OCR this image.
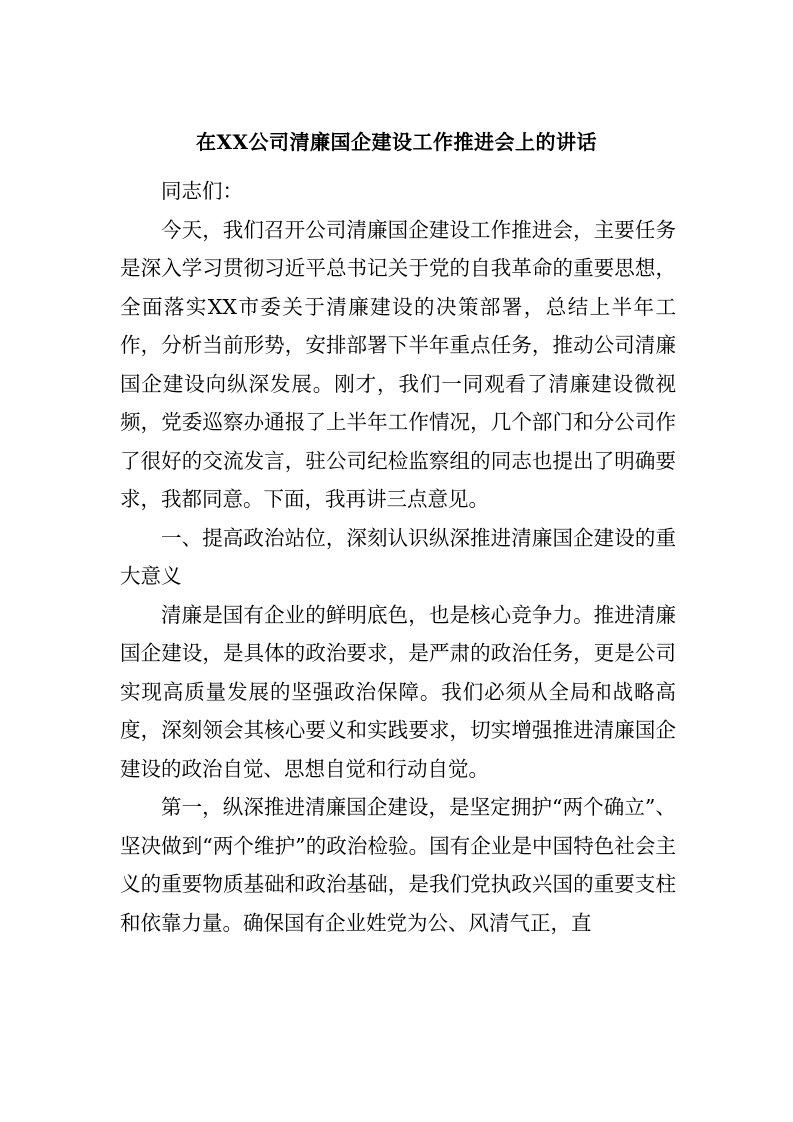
在XX公司清廉国企建设工作推进会上的讲话

同志们：

今天，我们召开公司清廉国企建设工作推进会，主要任务是深入学习贯彻习近平总书记关于党的自我革命的重要思想，全面落实XX市委关于清廉建设的决策部署，总结上半年工作，分析当前形势，安排部署下半年重点任务，推动公司清廉国企建设向纵深发展。刚才，我们一同观看了清廉建设微视频，党委巡察办通报了上半年工作情况，几个部门和分公司作了很好的交流发言，驻公司纪检监察组的同志也提出了明确要求，我都同意。下面，我再讲三点意见。

一、提高政治站位，深刻认识纵深推进清廉国企建设的重大意义

清廉是国有企业的鲜明底色，也是核心竞争力。推进清廉国企建设，是具体的政治要求，是严肃的政治任务，更是公司实现高质量发展的坚强政治保障。我们必须从全局和战略高度，深刻领会其核心要义和实践要求，切实增强推进清廉国企建设的政治自觉、思想自觉和行动自觉。

第一，纵深推进清廉国企建设，是坚定拥护“两个确立”、坚决做到“两个维护”的政治检验。国有企业是中国特色社会主义的重要物质基础和政治基础，是我们党执政兴国的重要支柱和依靠力量。确保国有企业姓党为公、风清气正，直
